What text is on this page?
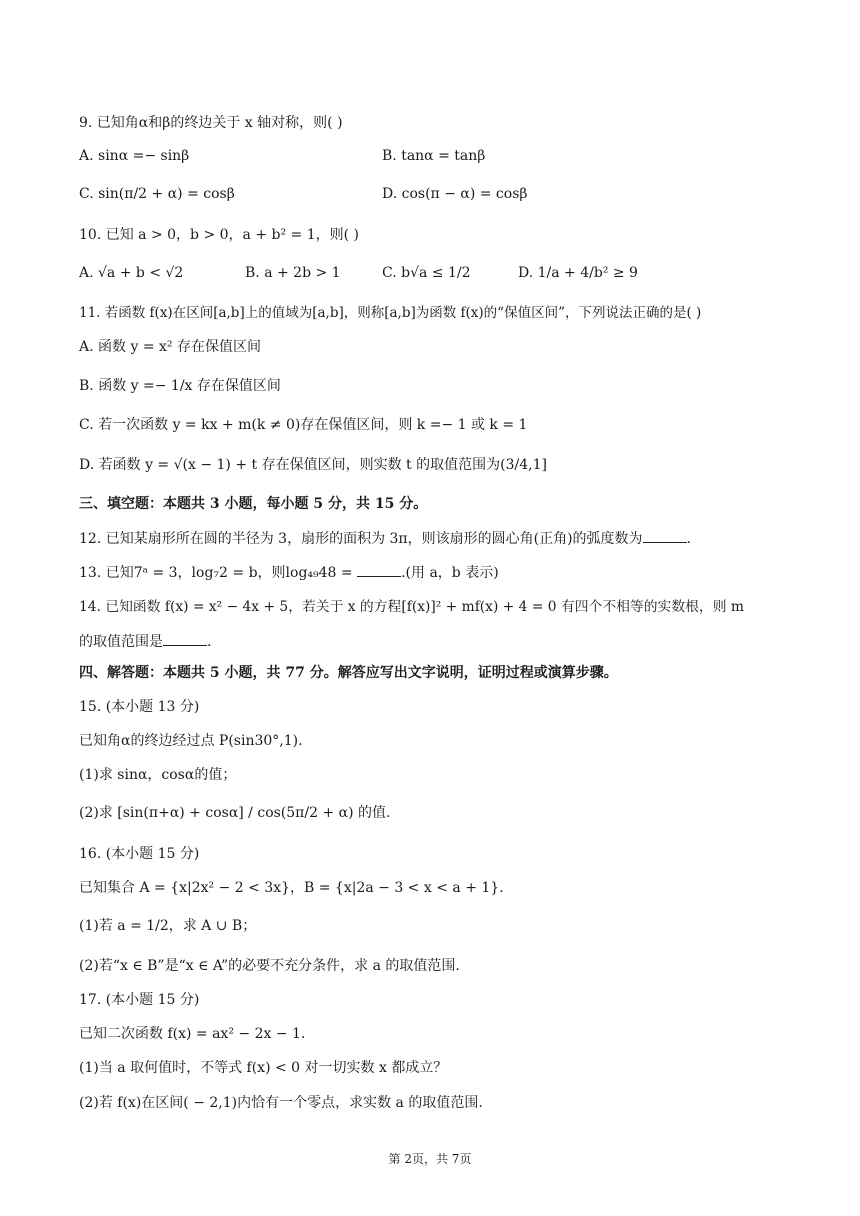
9. 已知角α和β的终边关于 x 轴对称，则( )
A. sinα =− sinβ	B. tanα = tanβ
C. sin(π/2 + α) = cosβ	D. cos(π − α) = cosβ
10. 已知 a > 0，b > 0，a + b² = 1，则( )
A. √a + b < √2	B. a + 2b > 1	C. b√a ≤ 1/2	D. 1/a + 4/b² ≥ 9
11. 若函数 f(x)在区间[a,b]上的值域为[a,b]，则称[a,b]为函数 f(x)的“保值区间”，下列说法正确的是( )
A. 函数 y = x² 存在保值区间
B. 函数 y =− 1/x 存在保值区间
C. 若一次函数 y = kx + m(k ≠ 0)存在保值区间，则 k =− 1 或 k = 1
D. 若函数 y = √(x − 1) + t 存在保值区间，则实数 t 的取值范围为(3/4,1]
三、填空题：本题共 3 小题，每小题 5 分，共 15 分。
12. 已知某扇形所在圆的半径为 3，扇形的面积为 3π，则该扇形的圆心角(正角)的弧度数为	.
13. 已知7ᵃ = 3，log₇2 = b，则log₄₉48 =	.(用 a，b 表示)
14. 已知函数 f(x) = x² − 4x + 5，若关于 x 的方程[f(x)]² + mf(x) + 4 = 0 有四个不相等的实数根，则 m
的取值范围是	.
四、解答题：本题共 5 小题，共 77 分。解答应写出文字说明，证明过程或演算步骤。
15. (本小题 13 分)
已知角α的终边经过点 P(sin30°,1).
(1)求 sinα，cosα的值；
(2)求 [sin(π+α) + cosα] / cos(5π/2 + α) 的值.
16. (本小题 15 分)
已知集合 A = {x|2x² − 2 < 3x}，B = {x|2a − 3 < x < a + 1}.
(1)若 a = 1/2，求 A ∪ B；
(2)若“x ∈ B”是“x ∈ A”的必要不充分条件，求 a 的取值范围.
17. (本小题 15 分)
已知二次函数 f(x) = ax² − 2x − 1.
(1)当 a 取何值时，不等式 f(x) < 0 对一切实数 x 都成立？
(2)若 f(x)在区间( − 2,1)内恰有一个零点，求实数 a 的取值范围.
第 2页，共 7页
